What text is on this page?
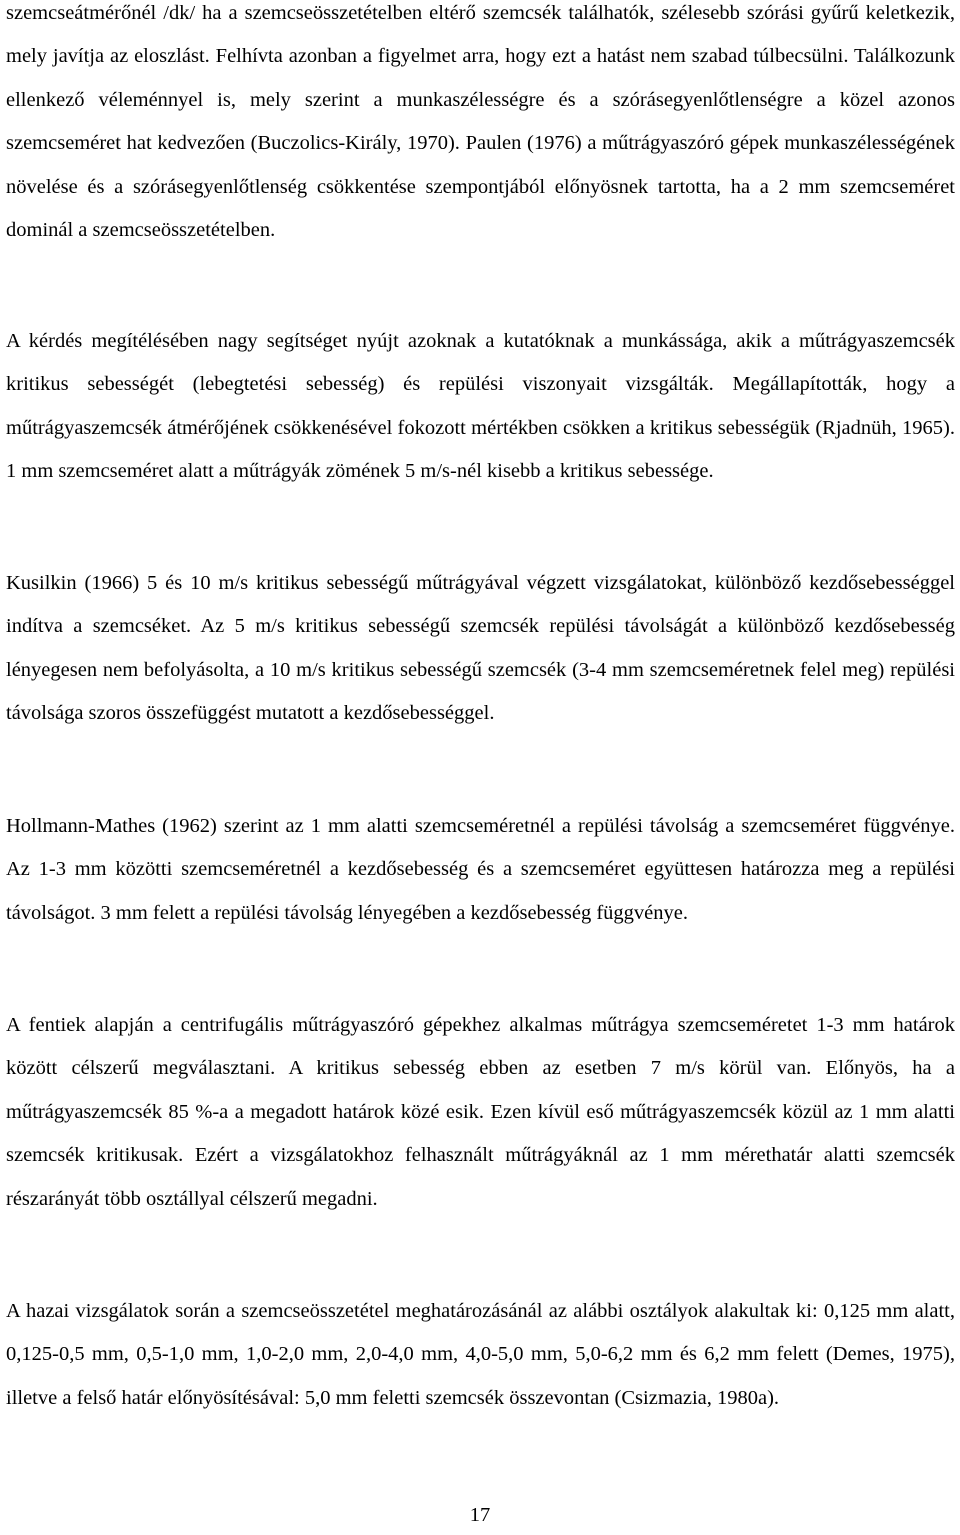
szemcseátmérőnél /dk/ ha a szemcseösszetételben eltérő szemcsék találhatók, szélesebb szórási gyűrű keletkezik, mely javítja az eloszlást. Felhívta azonban a figyelmet arra, hogy ezt a hatást nem szabad túlbecsülni. Találkozunk ellenkező véleménnyel is, mely szerint a munkaszélességre és a szórásegyenlőtlenségre a közel azonos szemcseméret hat kedvezően (Buczolics-Király, 1970). Paulen (1976) a műtrágyaszóró gépek munkaszélességének növelése és a szórásegyenlőtlenség csökkentése szempontjából előnyösnek tartotta, ha a 2 mm szemcseméret dominál a szemcseösszetételben.

A kérdés megítélésében nagy segítséget nyújt azoknak a kutatóknak a munkássága, akik a műtrágyaszemcsék kritikus sebességét (lebegtetési sebesség) és repülési viszonyait vizsgálták. Megállapították, hogy a műtrágyaszemcsék átmérőjének csökkenésével fokozott mértékben csökken a kritikus sebességük (Rjadnüh, 1965). 1 mm szemcseméret alatt a műtrágyák zömének 5 m/s-nél kisebb a kritikus sebessége.

Kusilkin (1966) 5 és 10 m/s kritikus sebességű műtrágyával végzett vizsgálatokat, különböző kezdősebességgel indítva a szemcséket. Az 5 m/s kritikus sebességű szemcsék repülési távolságát a különböző kezdősebesség lényegesen nem befolyásolta, a 10 m/s kritikus sebességű szemcsék (3-4 mm szemcseméretnek felel meg) repülési távolsága szoros összefüggést mutatott a kezdősebességgel.

Hollmann-Mathes (1962) szerint az 1 mm alatti szemcseméretnél a repülési távolság a szemcseméret függvénye. Az 1-3 mm közötti szemcseméretnél a kezdősebesség és a szemcseméret együttesen határozza meg a repülési távolságot. 3 mm felett a repülési távolság lényegében a kezdősebesség függvénye.

A fentiek alapján a centrifugális műtrágyaszóró gépekhez alkalmas műtrágya szemcseméretet 1-3 mm határok között célszerű megválasztani. A kritikus sebesség ebben az esetben 7 m/s körül van. Előnyös, ha a műtrágyaszemcsék 85 %-a a megadott határok közé esik. Ezen kívül eső műtrágyaszemcsék közül az 1 mm alatti szemcsék kritikusak. Ezért a vizsgálatokhoz felhasznált műtrágyáknál az 1 mm mérethatár alatti szemcsék részarányát több osztállyal célszerű megadni.

A hazai vizsgálatok során a szemcseösszetétel meghatározásánál az alábbi osztályok alakultak ki: 0,125 mm alatt, 0,125-0,5 mm, 0,5-1,0 mm, 1,0-2,0 mm, 2,0-4,0 mm, 4,0-5,0 mm, 5,0-6,2 mm és 6,2 mm felett (Demes, 1975), illetve a felső határ előnyösítésával: 5,0 mm feletti szemcsék összevontan (Csizmazia, 1980a).

17
